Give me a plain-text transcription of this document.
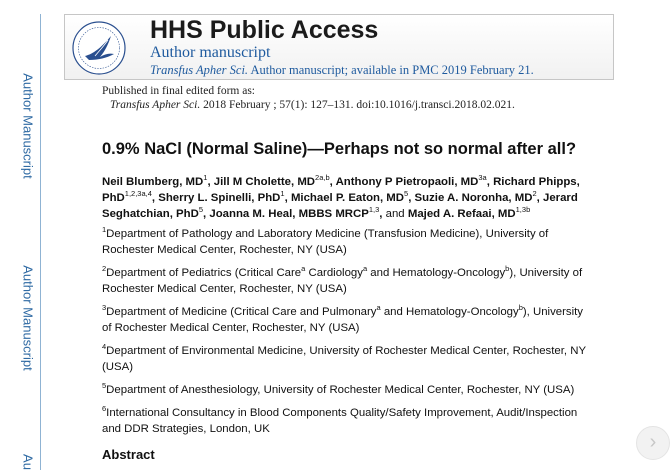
Author Manuscript
Author Manuscript
Au
HHS Public Access
Author manuscript
Transfus Apher Sci. Author manuscript; available in PMC 2019 February 21.
Published in final edited form as:
Transfus Apher Sci. 2018 February ; 57(1): 127–131. doi:10.1016/j.transci.2018.02.021.
0.9% NaCl (Normal Saline)—Perhaps not so normal after all?
Neil Blumberg, $MD^1$, Jill M Cholette, $MD^{2a,b}$, Anthony P Pietropaoli, $MD^{3a}$, Richard Phipps, PhD$^{1,2,3a,4}$, Sherry L. Spinelli, PhD$^1$, Michael P. Eaton, $MD^5$, Suzie A. Noronha, $MD^2$, Jerard Seghatchian, PhD$^5$, Joanna M. Heal, MBBS MRCP$^{1,3}$, and Majed A. Refaai, $MD^{1,3b}$
$^1$Department of Pathology and Laboratory Medicine (Transfusion Medicine), University of Rochester Medical Center, Rochester, NY (USA)
$^2$Department of Pediatrics (Critical Care$^a$ Cardiology$^a$ and Hematology-Oncology$^b$), University of Rochester Medical Center, Rochester, NY (USA)
$^3$Department of Medicine (Critical Care and Pulmonary$^a$ and Hematology-Oncology$^b$), University of Rochester Medical Center, Rochester, NY (USA)
$^4$Department of Environmental Medicine, University of Rochester Medical Center, Rochester, NY (USA)
$^5$Department of Anesthesiology, University of Rochester Medical Center, Rochester, NY (USA)
$^6$International Consultancy in Blood Components Quality/Safety Improvement, Audit/Inspection and DDR Strategies, London, UK
Abstract
›
